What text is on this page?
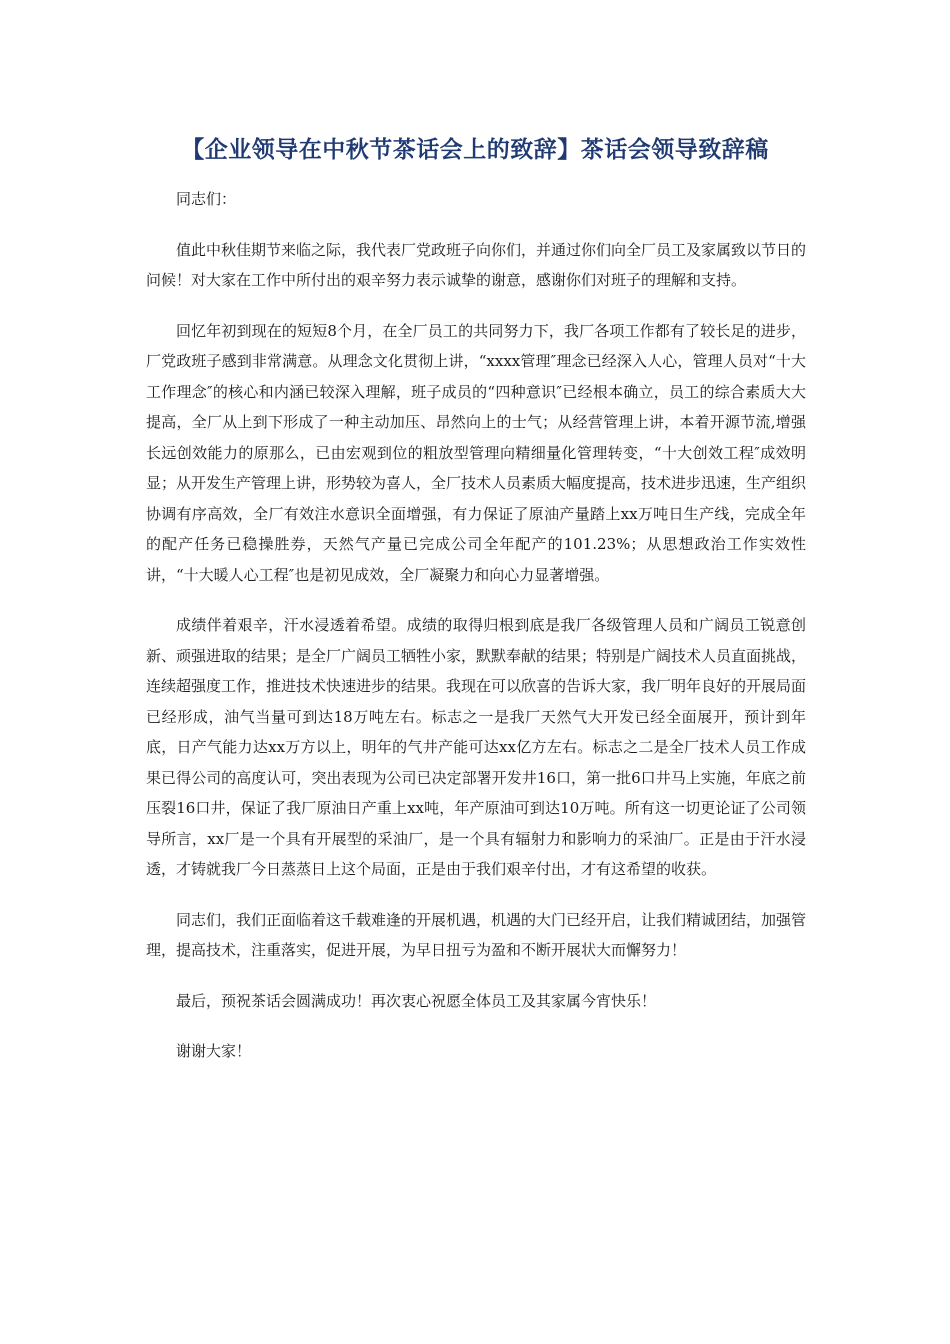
【企业领导在中秋节茶话会上的致辞】茶话会领导致辞稿

同志们：

值此中秋佳期节来临之际，我代表厂党政班子向你们，并通过你们向全厂员工及家属致以节日的问候！对大家在工作中所付出的艰辛努力表示诚挚的谢意，感谢你们对班子的理解和支持。

回忆年初到现在的短短8个月，在全厂员工的共同努力下，我厂各项工作都有了较长足的进步，厂党政班子感到非常满意。从理念文化贯彻上讲，“xxxx管理″理念已经深入人心，管理人员对“十大工作理念″的核心和内涵已较深入理解，班子成员的“四种意识″已经根本确立，员工的综合素质大大提高，全厂从上到下形成了一种主动加压、昂然向上的士气；从经营管理上讲，本着开源节流,增强长远创效能力的原那么，已由宏观到位的粗放型管理向精细量化管理转变，“十大创效工程″成效明显；从开发生产管理上讲，形势较为喜人，全厂技术人员素质大幅度提高，技术进步迅速，生产组织协调有序高效，全厂有效注水意识全面增强，有力保证了原油产量踏上xx万吨日生产线，完成全年的配产任务已稳操胜券，天然气产量已完成公司全年配产的101.23%；从思想政治工作实效性讲，“十大暖人心工程″也是初见成效，全厂凝聚力和向心力显著增强。

成绩伴着艰辛，汗水浸透着希望。成绩的取得归根到底是我厂各级管理人员和广阔员工锐意创新、顽强进取的结果；是全厂广阔员工牺牲小家，默默奉献的结果；特别是广阔技术人员直面挑战，连续超强度工作，推进技术快速进步的结果。我现在可以欣喜的告诉大家，我厂明年良好的开展局面已经形成，油气当量可到达18万吨左右。标志之一是我厂天然气大开发已经全面展开，预计到年底，日产气能力达xx万方以上，明年的气井产能可达xx亿方左右。标志之二是全厂技术人员工作成果已得公司的高度认可，突出表现为公司已决定部署开发井16口，第一批6口井马上实施，年底之前压裂16口井，保证了我厂原油日产重上xx吨，年产原油可到达10万吨。所有这一切更论证了公司领导所言，xx厂是一个具有开展型的采油厂，是一个具有辐射力和影响力的采油厂。正是由于汗水浸透，才铸就我厂今日蒸蒸日上这个局面，正是由于我们艰辛付出，才有这希望的收获。

同志们，我们正面临着这千载难逢的开展机遇，机遇的大门已经开启，让我们精诚团结，加强管理，提高技术，注重落实，促进开展，为早日扭亏为盈和不断开展状大而懈努力！

最后，预祝茶话会圆满成功！再次衷心祝愿全体员工及其家属今宵快乐！

谢谢大家！
